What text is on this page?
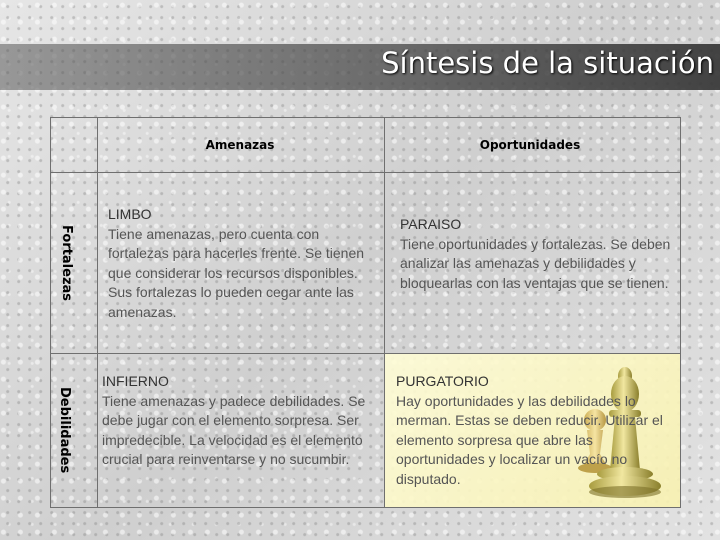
Síntesis de la situación
Amenazas	Oportunidades
Fortalezas
Debilidades
LIMBO
Tiene amenazas, pero cuenta con fortalezas para hacerles frente. Se tienen que considerar los recursos disponibles. Sus fortalezas lo pueden cegar ante las amenazas.
PARAISO
Tiene oportunidades y fortalezas. Se deben analizar las amenazas y debilidades y bloquearlas con las ventajas que se tienen.
INFIERNO
Tiene amenazas y padece debilidades. Se debe jugar con el elemento sorpresa. Ser impredecible. La velocidad es el elemento crucial para reinventarse y no sucumbir.
PURGATORIO
Hay oportunidades y las debilidades lo merman. Estas se deben reducir. Utilizar el elemento sorpresa que abre las oportunidades y localizar un vacío no disputado.
